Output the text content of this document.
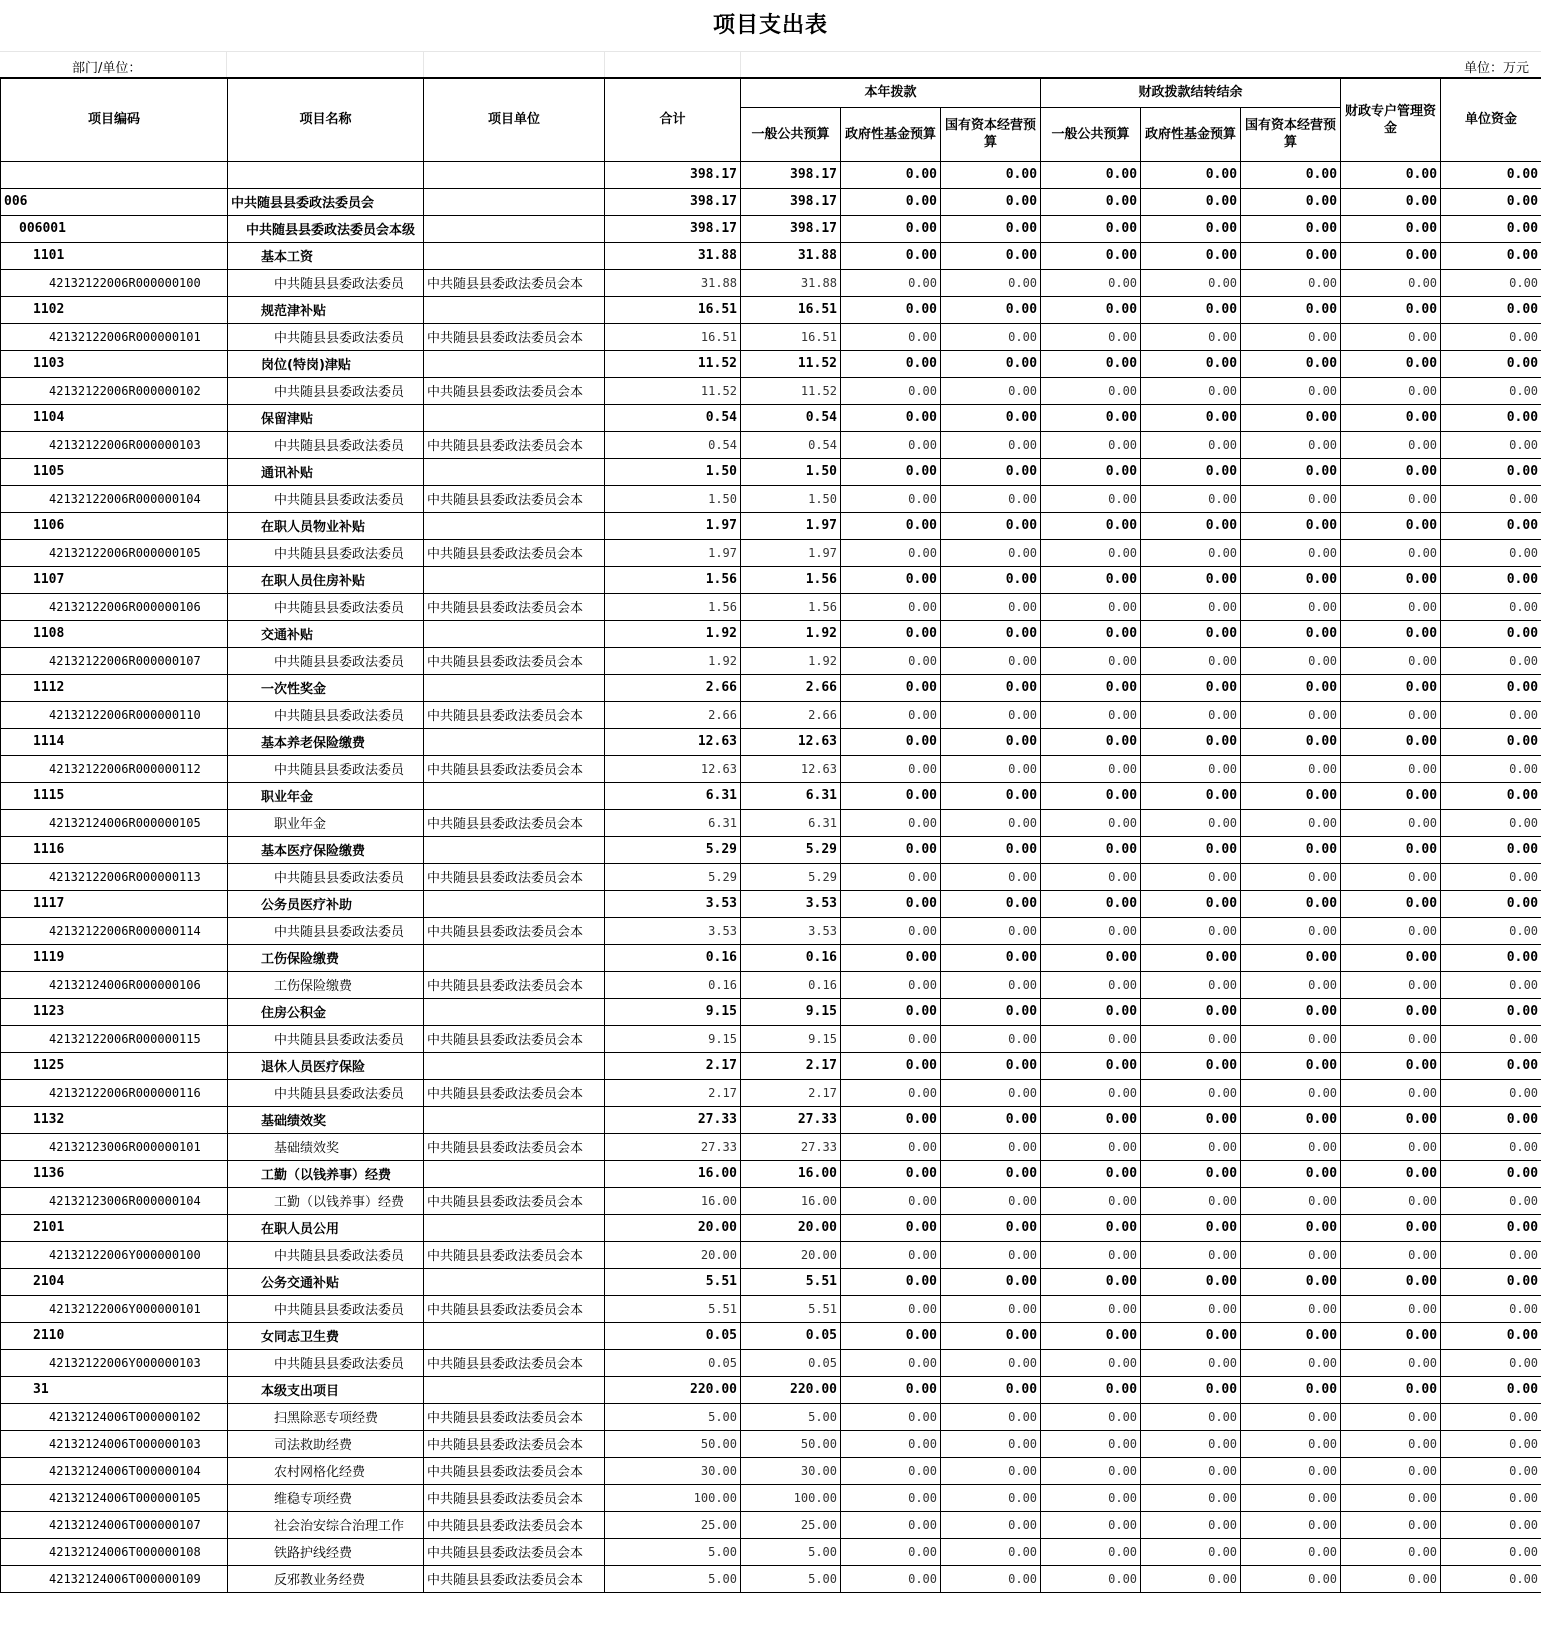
项目支出表
部门/单位：	单位：万元
项目编码	项目名称	项目单位	合计	本年拨款			财政拨款结转结余			财政专户管理资金	单位资金
				一般公共预算	政府性基金预算	国有资本经营预算	一般公共预算	政府性基金预算	国有资本经营预算		
			398.17	398.17	0.00	0.00	0.00	0.00	0.00	0.00	0.00
006	中共随县县委政法委员会		398.17	398.17	0.00	0.00	0.00	0.00	0.00	0.00	0.00
006001	中共随县县委政法委员会本级		398.17	398.17	0.00	0.00	0.00	0.00	0.00	0.00	0.00
1101	基本工资		31.88	31.88	0.00	0.00	0.00	0.00	0.00	0.00	0.00
42132122006R000000100	中共随县县委政法委员	中共随县县委政法委员会本	31.88	31.88	0.00	0.00	0.00	0.00	0.00	0.00	0.00
1102	规范津补贴		16.51	16.51	0.00	0.00	0.00	0.00	0.00	0.00	0.00
42132122006R000000101	中共随县县委政法委员	中共随县县委政法委员会本	16.51	16.51	0.00	0.00	0.00	0.00	0.00	0.00	0.00
1103	岗位(特岗)津贴		11.52	11.52	0.00	0.00	0.00	0.00	0.00	0.00	0.00
42132122006R000000102	中共随县县委政法委员	中共随县县委政法委员会本	11.52	11.52	0.00	0.00	0.00	0.00	0.00	0.00	0.00
1104	保留津贴		0.54	0.54	0.00	0.00	0.00	0.00	0.00	0.00	0.00
42132122006R000000103	中共随县县委政法委员	中共随县县委政法委员会本	0.54	0.54	0.00	0.00	0.00	0.00	0.00	0.00	0.00
1105	通讯补贴		1.50	1.50	0.00	0.00	0.00	0.00	0.00	0.00	0.00
42132122006R000000104	中共随县县委政法委员	中共随县县委政法委员会本	1.50	1.50	0.00	0.00	0.00	0.00	0.00	0.00	0.00
1106	在职人员物业补贴		1.97	1.97	0.00	0.00	0.00	0.00	0.00	0.00	0.00
42132122006R000000105	中共随县县委政法委员	中共随县县委政法委员会本	1.97	1.97	0.00	0.00	0.00	0.00	0.00	0.00	0.00
1107	在职人员住房补贴		1.56	1.56	0.00	0.00	0.00	0.00	0.00	0.00	0.00
42132122006R000000106	中共随县县委政法委员	中共随县县委政法委员会本	1.56	1.56	0.00	0.00	0.00	0.00	0.00	0.00	0.00
1108	交通补贴		1.92	1.92	0.00	0.00	0.00	0.00	0.00	0.00	0.00
42132122006R000000107	中共随县县委政法委员	中共随县县委政法委员会本	1.92	1.92	0.00	0.00	0.00	0.00	0.00	0.00	0.00
1112	一次性奖金		2.66	2.66	0.00	0.00	0.00	0.00	0.00	0.00	0.00
42132122006R000000110	中共随县县委政法委员	中共随县县委政法委员会本	2.66	2.66	0.00	0.00	0.00	0.00	0.00	0.00	0.00
1114	基本养老保险缴费		12.63	12.63	0.00	0.00	0.00	0.00	0.00	0.00	0.00
42132122006R000000112	中共随县县委政法委员	中共随县县委政法委员会本	12.63	12.63	0.00	0.00	0.00	0.00	0.00	0.00	0.00
1115	职业年金		6.31	6.31	0.00	0.00	0.00	0.00	0.00	0.00	0.00
42132124006R000000105	职业年金	中共随县县委政法委员会本	6.31	6.31	0.00	0.00	0.00	0.00	0.00	0.00	0.00
1116	基本医疗保险缴费		5.29	5.29	0.00	0.00	0.00	0.00	0.00	0.00	0.00
42132122006R000000113	中共随县县委政法委员	中共随县县委政法委员会本	5.29	5.29	0.00	0.00	0.00	0.00	0.00	0.00	0.00
1117	公务员医疗补助		3.53	3.53	0.00	0.00	0.00	0.00	0.00	0.00	0.00
42132122006R000000114	中共随县县委政法委员	中共随县县委政法委员会本	3.53	3.53	0.00	0.00	0.00	0.00	0.00	0.00	0.00
1119	工伤保险缴费		0.16	0.16	0.00	0.00	0.00	0.00	0.00	0.00	0.00
42132124006R000000106	工伤保险缴费	中共随县县委政法委员会本	0.16	0.16	0.00	0.00	0.00	0.00	0.00	0.00	0.00
1123	住房公积金		9.15	9.15	0.00	0.00	0.00	0.00	0.00	0.00	0.00
42132122006R000000115	中共随县县委政法委员	中共随县县委政法委员会本	9.15	9.15	0.00	0.00	0.00	0.00	0.00	0.00	0.00
1125	退休人员医疗保险		2.17	2.17	0.00	0.00	0.00	0.00	0.00	0.00	0.00
42132122006R000000116	中共随县县委政法委员	中共随县县委政法委员会本	2.17	2.17	0.00	0.00	0.00	0.00	0.00	0.00	0.00
1132	基础绩效奖		27.33	27.33	0.00	0.00	0.00	0.00	0.00	0.00	0.00
42132123006R000000101	基础绩效奖	中共随县县委政法委员会本	27.33	27.33	0.00	0.00	0.00	0.00	0.00	0.00	0.00
1136	工勤（以钱养事）经费		16.00	16.00	0.00	0.00	0.00	0.00	0.00	0.00	0.00
42132123006R000000104	工勤（以钱养事）经费	中共随县县委政法委员会本	16.00	16.00	0.00	0.00	0.00	0.00	0.00	0.00	0.00
2101	在职人员公用		20.00	20.00	0.00	0.00	0.00	0.00	0.00	0.00	0.00
42132122006Y000000100	中共随县县委政法委员	中共随县县委政法委员会本	20.00	20.00	0.00	0.00	0.00	0.00	0.00	0.00	0.00
2104	公务交通补贴		5.51	5.51	0.00	0.00	0.00	0.00	0.00	0.00	0.00
42132122006Y000000101	中共随县县委政法委员	中共随县县委政法委员会本	5.51	5.51	0.00	0.00	0.00	0.00	0.00	0.00	0.00
2110	女同志卫生费		0.05	0.05	0.00	0.00	0.00	0.00	0.00	0.00	0.00
42132122006Y000000103	中共随县县委政法委员	中共随县县委政法委员会本	0.05	0.05	0.00	0.00	0.00	0.00	0.00	0.00	0.00
31	本级支出项目		220.00	220.00	0.00	0.00	0.00	0.00	0.00	0.00	0.00
42132124006T000000102	扫黑除恶专项经费	中共随县县委政法委员会本	5.00	5.00	0.00	0.00	0.00	0.00	0.00	0.00	0.00
42132124006T000000103	司法救助经费	中共随县县委政法委员会本	50.00	50.00	0.00	0.00	0.00	0.00	0.00	0.00	0.00
42132124006T000000104	农村网格化经费	中共随县县委政法委员会本	30.00	30.00	0.00	0.00	0.00	0.00	0.00	0.00	0.00
42132124006T000000105	维稳专项经费	中共随县县委政法委员会本	100.00	100.00	0.00	0.00	0.00	0.00	0.00	0.00	0.00
42132124006T000000107	社会治安综合治理工作	中共随县县委政法委员会本	25.00	25.00	0.00	0.00	0.00	0.00	0.00	0.00	0.00
42132124006T000000108	铁路护线经费	中共随县县委政法委员会本	5.00	5.00	0.00	0.00	0.00	0.00	0.00	0.00	0.00
42132124006T000000109	反邪教业务经费	中共随县县委政法委员会本	5.00	5.00	0.00	0.00	0.00	0.00	0.00	0.00	0.00
